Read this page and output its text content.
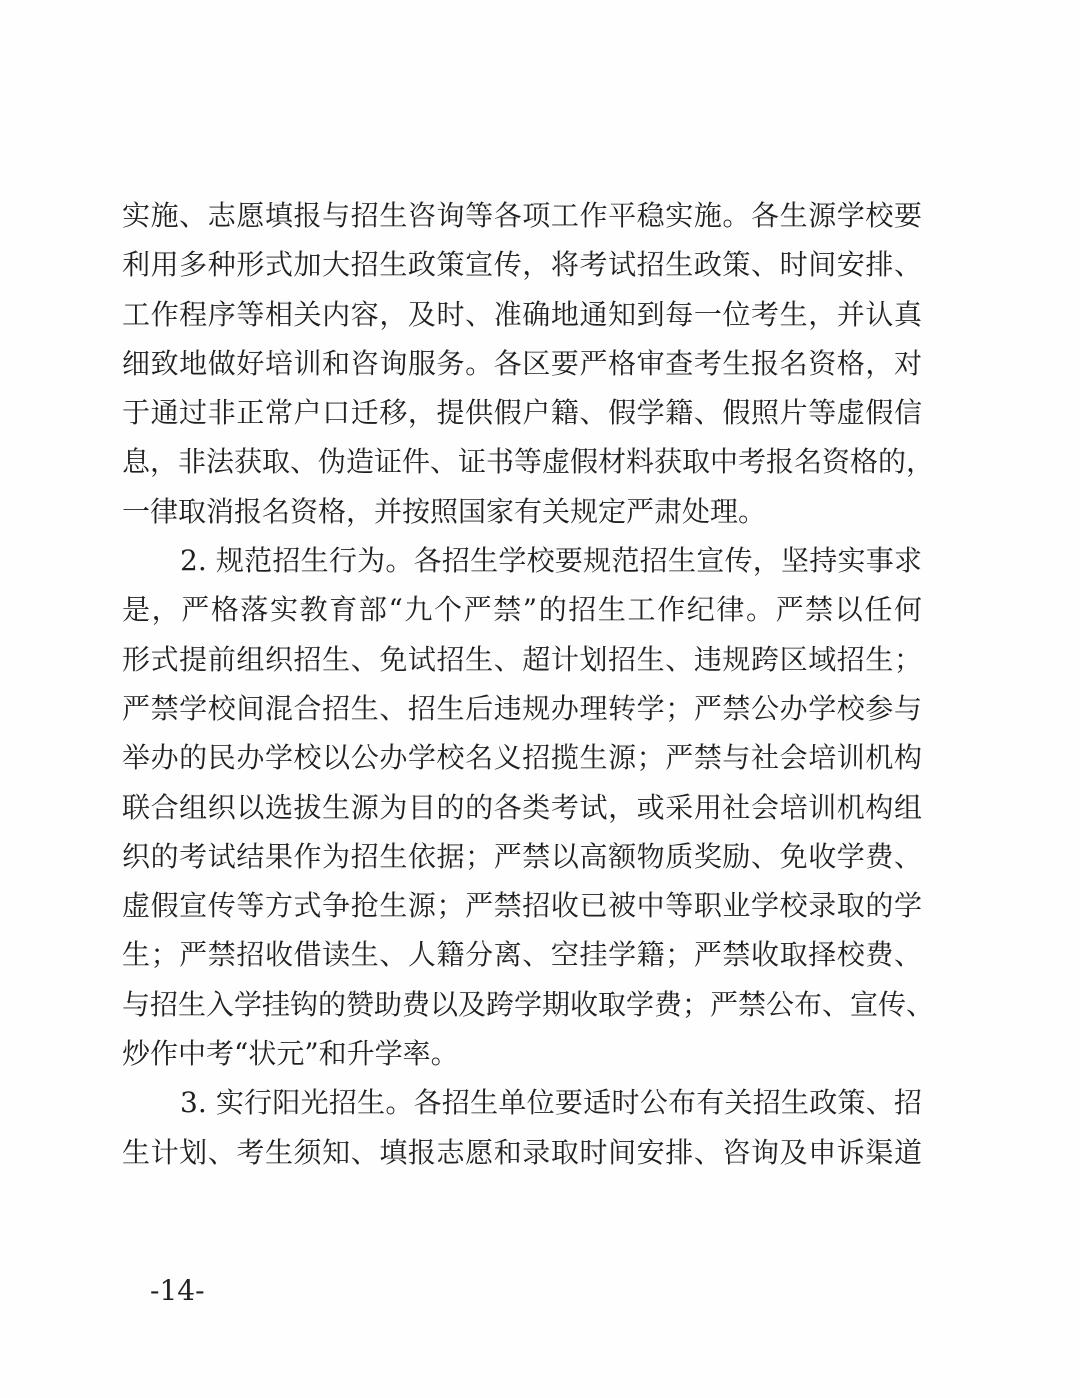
实施、志愿填报与招生咨询等各项工作平稳实施。各生源学校要
利用多种形式加大招生政策宣传，将考试招生政策、时间安排、
工作程序等相关内容，及时、准确地通知到每一位考生，并认真
细致地做好培训和咨询服务。各区要严格审查考生报名资格，对
于通过非正常户口迁移，提供假户籍、假学籍、假照片等虚假信
息，非法获取、伪造证件、证书等虚假材料获取中考报名资格的，
一律取消报名资格，并按照国家有关规定严肃处理。
2. 规范招生行为。各招生学校要规范招生宣传，坚持实事求
是，严格落实教育部“九个严禁”的招生工作纪律。严禁以任何
形式提前组织招生、免试招生、超计划招生、违规跨区域招生；
严禁学校间混合招生、招生后违规办理转学；严禁公办学校参与
举办的民办学校以公办学校名义招揽生源；严禁与社会培训机构
联合组织以选拔生源为目的的各类考试，或采用社会培训机构组
织的考试结果作为招生依据；严禁以高额物质奖励、免收学费、
虚假宣传等方式争抢生源；严禁招收已被中等职业学校录取的学
生；严禁招收借读生、人籍分离、空挂学籍；严禁收取择校费、
与招生入学挂钩的赞助费以及跨学期收取学费；严禁公布、宣传、
炒作中考“状元”和升学率。
3. 实行阳光招生。各招生单位要适时公布有关招生政策、招
生计划、考生须知、填报志愿和录取时间安排、咨询及申诉渠道
-14-
